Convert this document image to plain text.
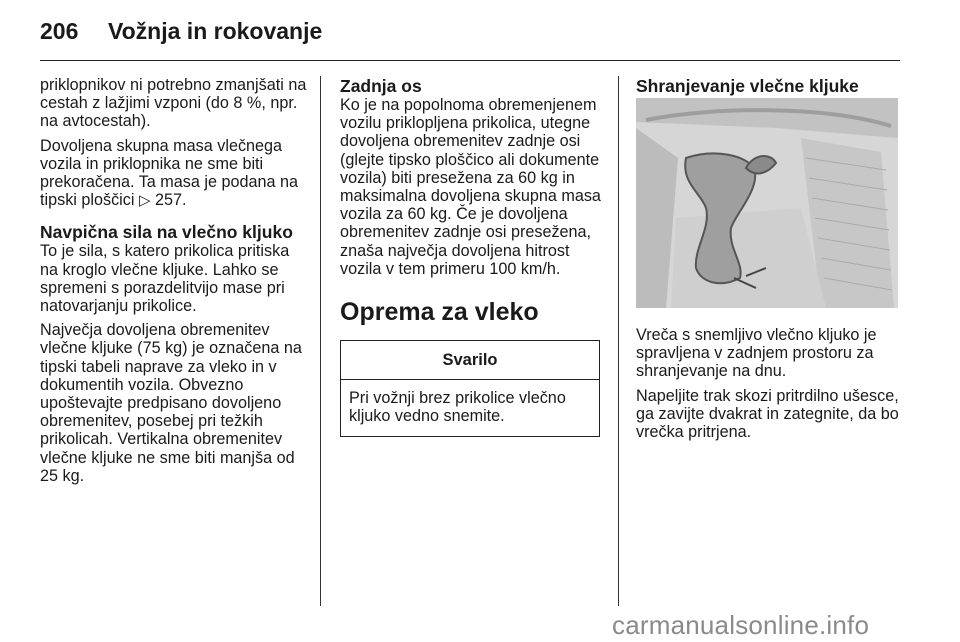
206 Vožnja in rokovanje

priklopnikov ni potrebno zmanjšati na cestah z lažjimi vzponi (do 8 %, npr. na avtocestah).

Dovoljena skupna masa vlečnega vozila in priklopnika ne sme biti prekoračena. Ta masa je podana na tipski ploščici ▷ 257.

Navpična sila na vlečno kljuko

To je sila, s katero prikolica pritiska na kroglo vlečne kljuke. Lahko se spremeni s porazdelitvijo mase pri natovarjanju prikolice.

Največja dovoljena obremenitev vlečne kljuke (75 kg) je označena na tipski tabeli naprave za vleko in v dokumentih vozila. Obvezno upoštevajte predpisano dovoljeno obremenitev, posebej pri težkih prikolicah. Vertikalna obremenitev vlečne kljuke ne sme biti manjša od 25 kg.

Zadnja os

Ko je na popolnoma obremenjenem vozilu priklopljena prikolica, utegne dovoljena obremenitev zadnje osi (glejte tipsko ploščico ali dokumente vozila) biti presežena za 60 kg in maksimalna dovoljena skupna masa vozila za 60 kg. Če je dovoljena obremenitev zadnje osi presežena, znaša največja dovoljena hitrost vozila v tem primeru 100 km/h.

Oprema za vleko
Svarilo
Pri vožnji brez prikolice vlečno kljuko vedno snemite.
Shranjevanje vlečne kljuke

Vreča s snemljivo vlečno kljuko je spravljena v zadnjem prostoru za shranjevanje na dnu.

Napeljite trak skozi pritrdilno ušesce, ga zavijte dvakrat in zategnite, da bo vrečka pritrjena.

carmanualsonline.info
